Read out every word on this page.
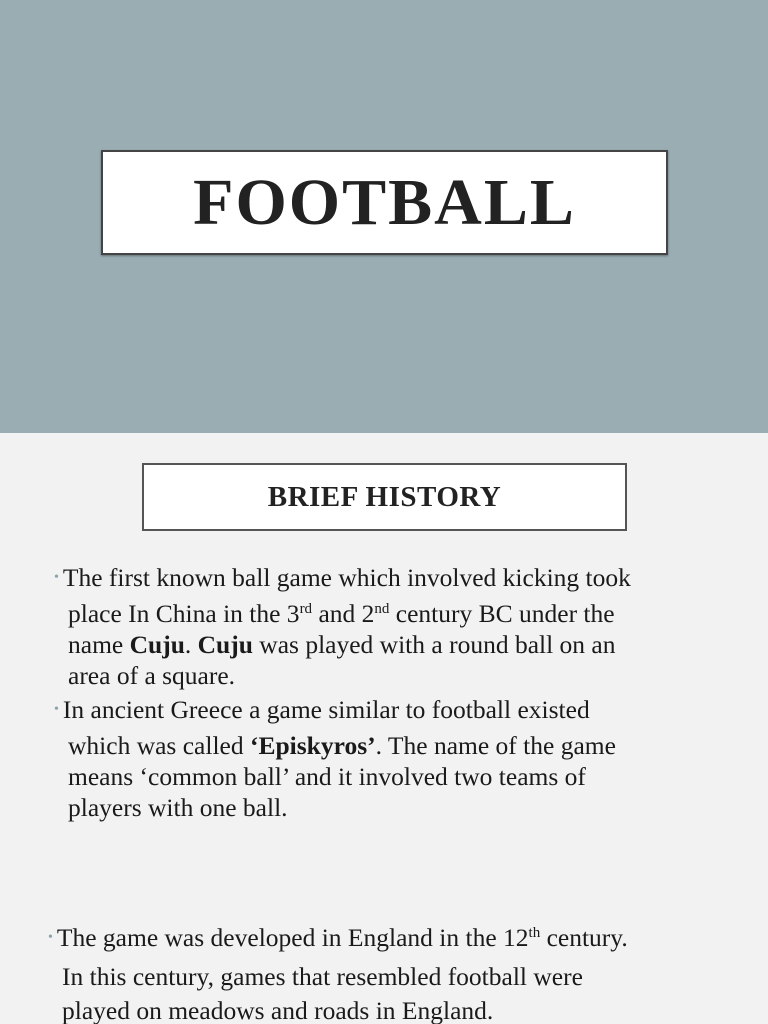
FOOTBALL
BRIEF HISTORY
• The first known ball game which involved kicking took
place In China in the 3rd and 2nd century BC under the
name Cuju. Cuju was played with a round ball on an
area of a square.
• In ancient Greece a game similar to football existed
which was called ‘Episkyros’. The name of the game
means ‘common ball’ and it involved two teams of
players with one ball.
• The game was developed in England in the 12th century.
In this century, games that resembled football were
played on meadows and roads in England.
